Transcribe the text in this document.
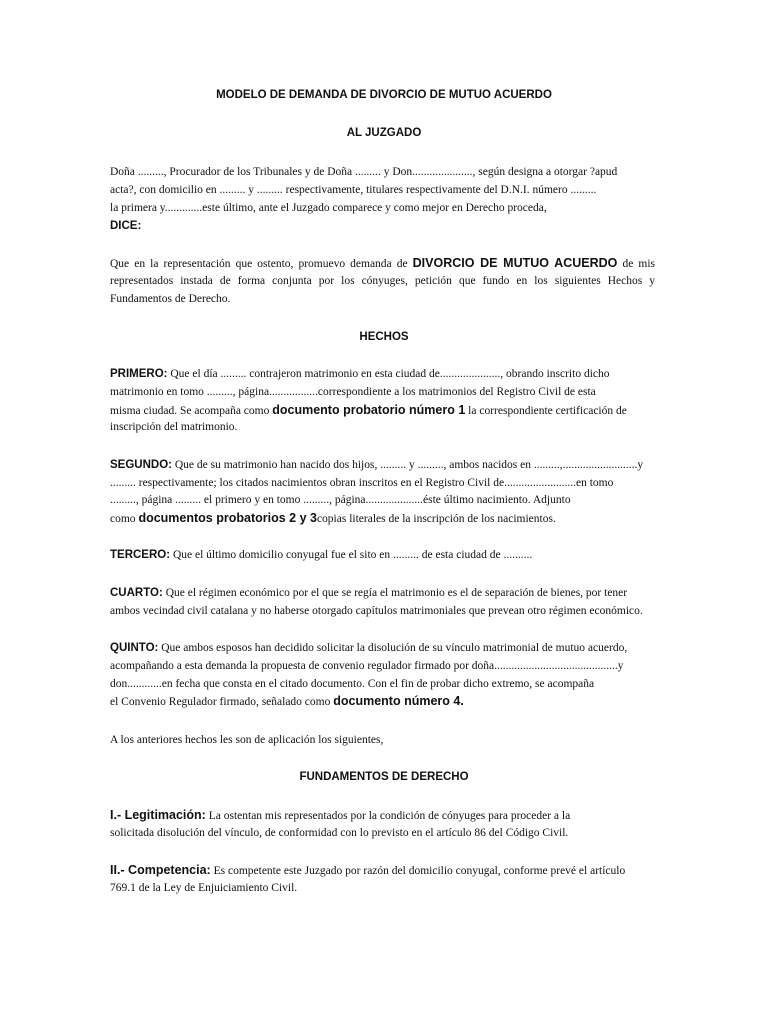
MODELO DE DEMANDA DE DIVORCIO DE MUTUO ACUERDO
AL JUZGADO
Doña ........., Procurador de los Tribunales y de Doña ......... y Don....................., según designa a otorgar ?apud
acta?, con domicilio en ......... y ......... respectivamente, titulares respectivamente del D.N.I. número .........
la primera y.............este último, ante el Juzgado comparece y como mejor en Derecho proceda,
DICE:
Que en la representación que ostento, promuevo demanda de DIVORCIO DE MUTUO ACUERDO de mis
representados instada de forma conjunta por los cónyuges, petición que fundo en los siguientes Hechos y
Fundamentos de Derecho.
HECHOS
PRIMERO: Que el día ......... contrajeron matrimonio en esta ciudad de....................., obrando inscrito dicho
matrimonio en tomo ........., página.................correspondiente a los matrimonios del Registro Civil de esta
misma ciudad. Se acompaña como documento probatorio número 1 la correspondiente certificación de
inscripción del matrimonio.
SEGUNDO: Que de su matrimonio han nacido dos hijos, ......... y ........., ambos nacidos en .........,..........................y
......... respectivamente; los citados nacimientos obran inscritos en el Registro Civil de.........................en tomo
........., página ......... el primero y en tomo ........., página....................éste último nacimiento. Adjunto
como documentos probatorios 2 y 3copias literales de la inscripción de los nacimientos.
TERCERO: Que el último domicilio conyugal fue el sito en ......... de esta ciudad de ..........
CUARTO: Que el régimen económico por el que se regía el matrimonio es el de separación de bienes, por tener
ambos vecindad civil catalana y no haberse otorgado capítulos matrimoniales que prevean otro régimen económico.
QUINTO: Que ambos esposos han decidido solicitar la disolución de su vínculo matrimonial de mutuo acuerdo,
acompañando a esta demanda la propuesta de convenio regulador firmado por doña...........................................y
don............en fecha que consta en el citado documento. Con el fin de probar dicho extremo, se acompaña
el Convenio Regulador firmado, señalado como documento número 4.
A los anteriores hechos les son de aplicación los siguientes,
FUNDAMENTOS DE DERECHO
I.- Legitimación: La ostentan mis representados por la condición de cónyuges para proceder a la
solicitada disolución del vínculo, de conformidad con lo previsto en el artículo 86 del Código Civil.
II.- Competencia: Es competente este Juzgado por razón del domicilio conyugal, conforme prevé el artículo
769.1 de la Ley de Enjuiciamiento Civil.
